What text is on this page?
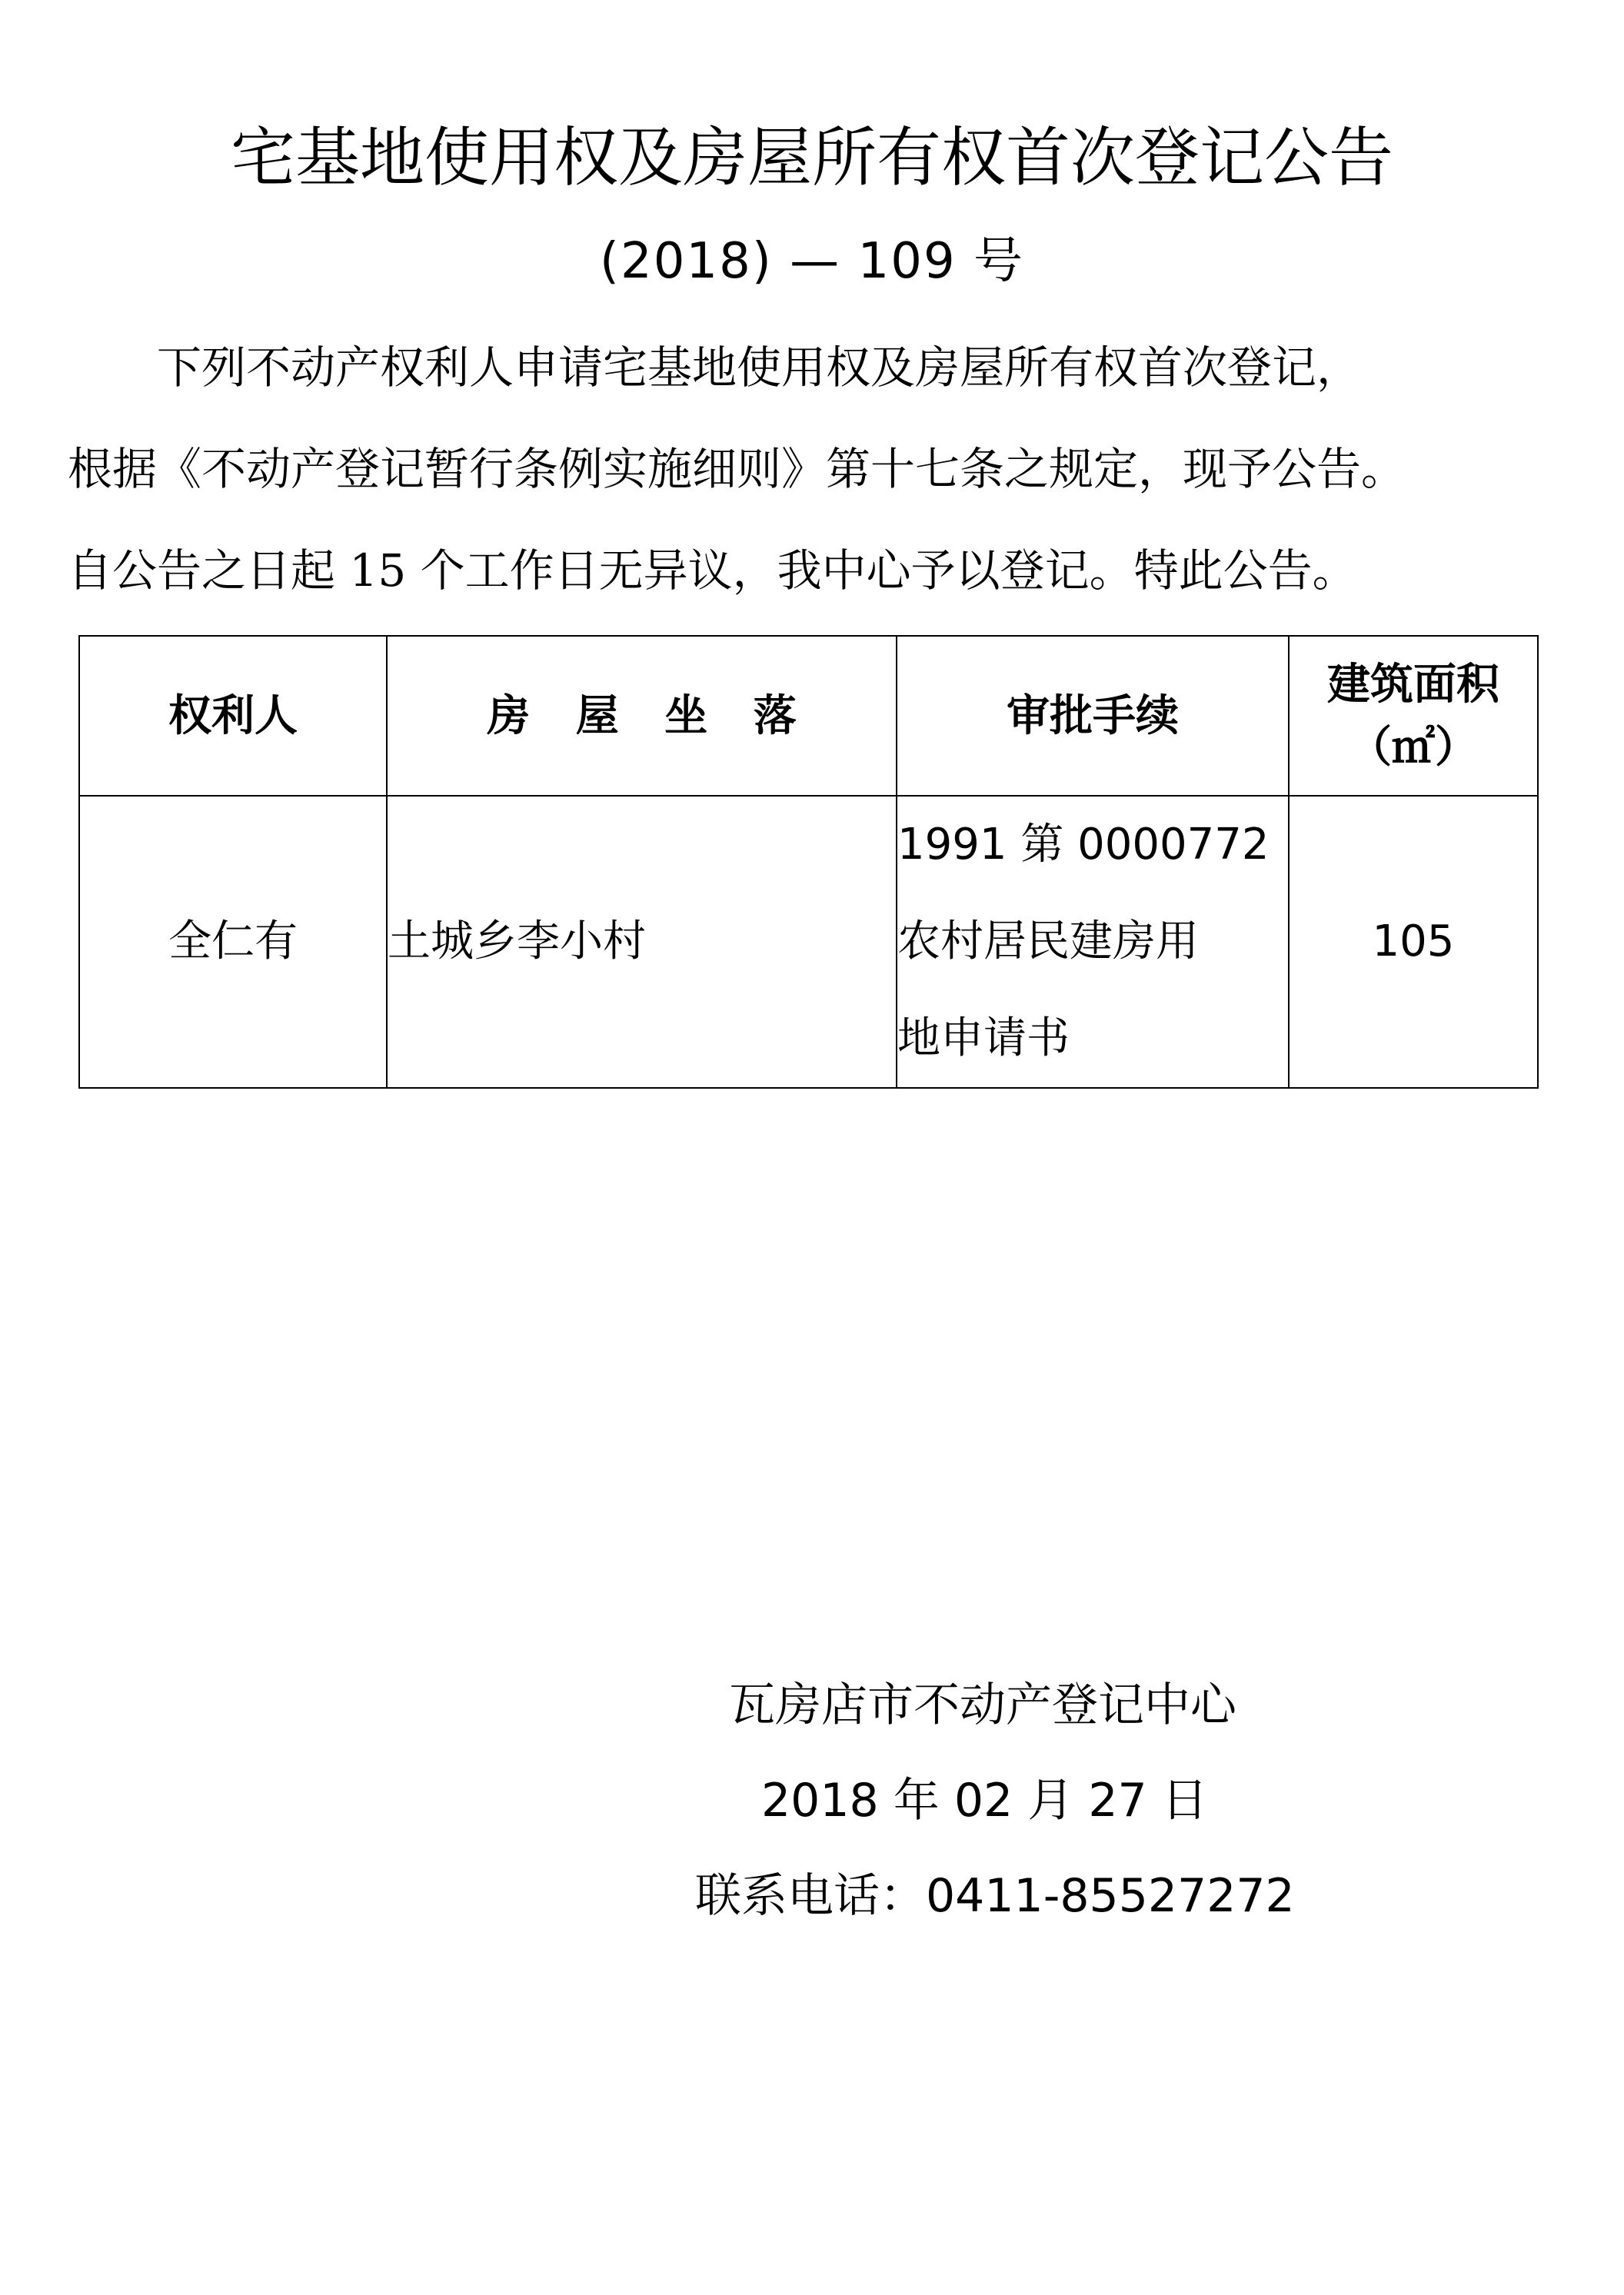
宅基地使用权及房屋所有权首次登记公告
(2018) — 109 号
下列不动产权利人申请宅基地使用权及房屋所有权首次登记，
根据《不动产登记暂行条例实施细则》第十七条之规定，现予公告。
自公告之日起 15 个工作日无异议，我中心予以登记。特此公告。
权利人	房 屋 坐 落	审批手续	建筑面积
（㎡）

全仁有	土城乡李小村	1991 第 0000772
农村居民建房用
地申请书	105
瓦房店市不动产登记中心
2018 年 02 月 27 日
联系电话：0411-85527272
